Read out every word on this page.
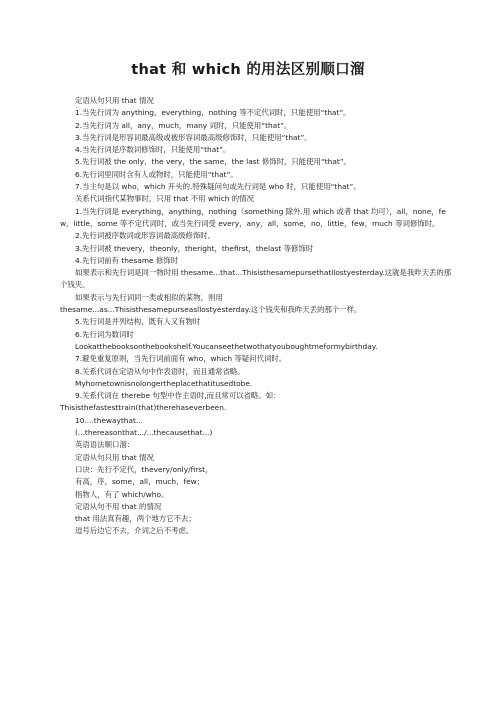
that 和 which 的用法区别顺口溜

定语从句只用 that 情况

1.当先行词为 anything，everything，nothing 等不定代词时，只能使用“that”。

2.当先行词为 all，any，much，many 词时，只能使用“that”。

3.当先行词是形容词最高级或被形容词最高级修饰时，只能使用“that”。

4.当先行词是序数词修饰时，只能使用“that”。

5.先行词被 the only，the very，the same，the last 修饰时，只能使用“that”。

6.先行词里同时含有人或物时，只能使用“that”。

7.当主句是以 who，which 开头的.特殊疑问句或先行词是 who 时，只能使用“that”。

关系代词指代某物事时，只用 that 不用 which 的情况

1.当先行词是 everything，anything，nothing（something 除外.用 which 或者 that 均可），all，none，few，little，some 等不定代词时，或当先行词受 every，any，all，some，no，little，few，much 等词修饰时。

2.先行词被序数词或形容词最高级修饰时。

3.先行词被 thevery，theonly，theright，thefirst，thelast 等修饰时

4.先行词前有 thesame 修饰时

如果表示和先行词是同一物时用 thesame...that...Thisisthesamepursethatllostyesterday.这就是我昨天丢的那个钱夹。

如果表示与先行词同一类或相似的某物，则用

thesame...as...Thisisthesamepurseasllostyesterday.这个钱夹和我昨天丢的那个一样。

5.先行词是并列结构，既有人又有物时

6.先行词为数词时

Lookatthebooksonthebookshelf.Youcanseethetwothatyouboughtmeformybirthday.

7.避免重复原则，当先行词前面有 who，which 等疑问代词时。

8.关系代词在定语从句中作表语时，而且通常省略。

Myhometownisnolongertheplacethatitusedtobe.

9.关系代词在 therebe 句型中作主语时,而且常可以省略。如：

Thisisthefastesttrain(that)therehaseverbeen.

10....thewaythat...

(...thereasonthat.../...thecausethat...)

英语语法顺口溜：

定语从句只用 that 情况

口诀：先行不定代，thevery/only/first，

有高，序，some，all，much，few；

指物人，有了 which/who。

定语从句不用 that 的情况

that 用法真有趣，两个地方它不去；

逗号后边它不去，介词之后不考虑。
